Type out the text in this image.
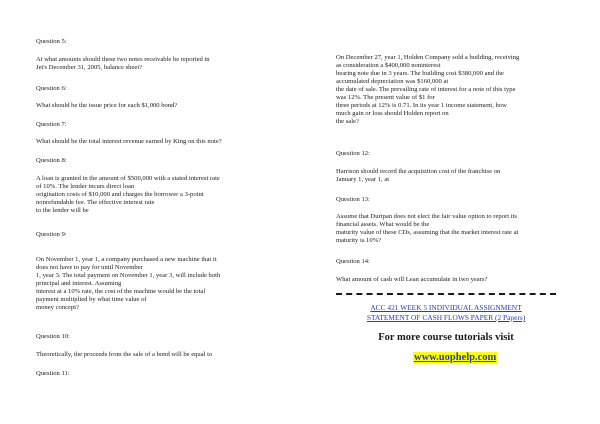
Question 5:
At what amounts should these two notes receivable be reported in
Jet's December 31, 2005, balance sheet?
Question 6:
What should be the issue price for each $1,000 bond?
Question 7:
What should be the total interest revenue earned by King on this note?
Question 8:
A loan is granted in the amount of $500,000 with a stated interest rate
of 10%. The lender incurs direct loan
origination costs of $10,000 and charges the borrower a 3-point
nonrefundable fee. The effective interest rate
to the lender will be
Question 9:
On November 1, year 1, a company purchased a new machine that it
does not have to pay for until November
1, year 3. The total payment on November 1, year 3, will include both
principal and interest. Assuming
interest at a 10% rate, the cost of the machine would be the total
payment multiplied by what time value of
money concept?
Question 10:
Theoretically, the proceeds from the sale of a bond will be equal to
Question 11:
On December 27, year 1, Holden Company sold a building, receiving
as consideration a $400,000 noninterest
bearing note due in 3 years. The building cost $380,000 and the
accumulated depreciation was $160,000 at
the date of sale. The prevailing rate of interest for a note of this type
was 12%. The present value of $1 for
three periods at 12% is 0.71. In its year 1 income statement, how
much gain or loss should Holden report on
the sale?
Question 12:
Harrison should record the acquisition cost of the franchise on
January 1, year 1, at
Question 13:
Assume that Duripan does not elect the fair value option to report its
financial assets. What would be the
maturity value of these CDs, assuming that the market interest rate at
maturity is 10%?
Question 14:
What amount of cash will Lean accumulate in two years?
ACC 421 WEEK 5 INDIVIDUAL ASSIGNMENT
STATEMENT OF CASH FLOWS PAPER (2 Papers)
For more course tutorials visit
www.uophelp.com
